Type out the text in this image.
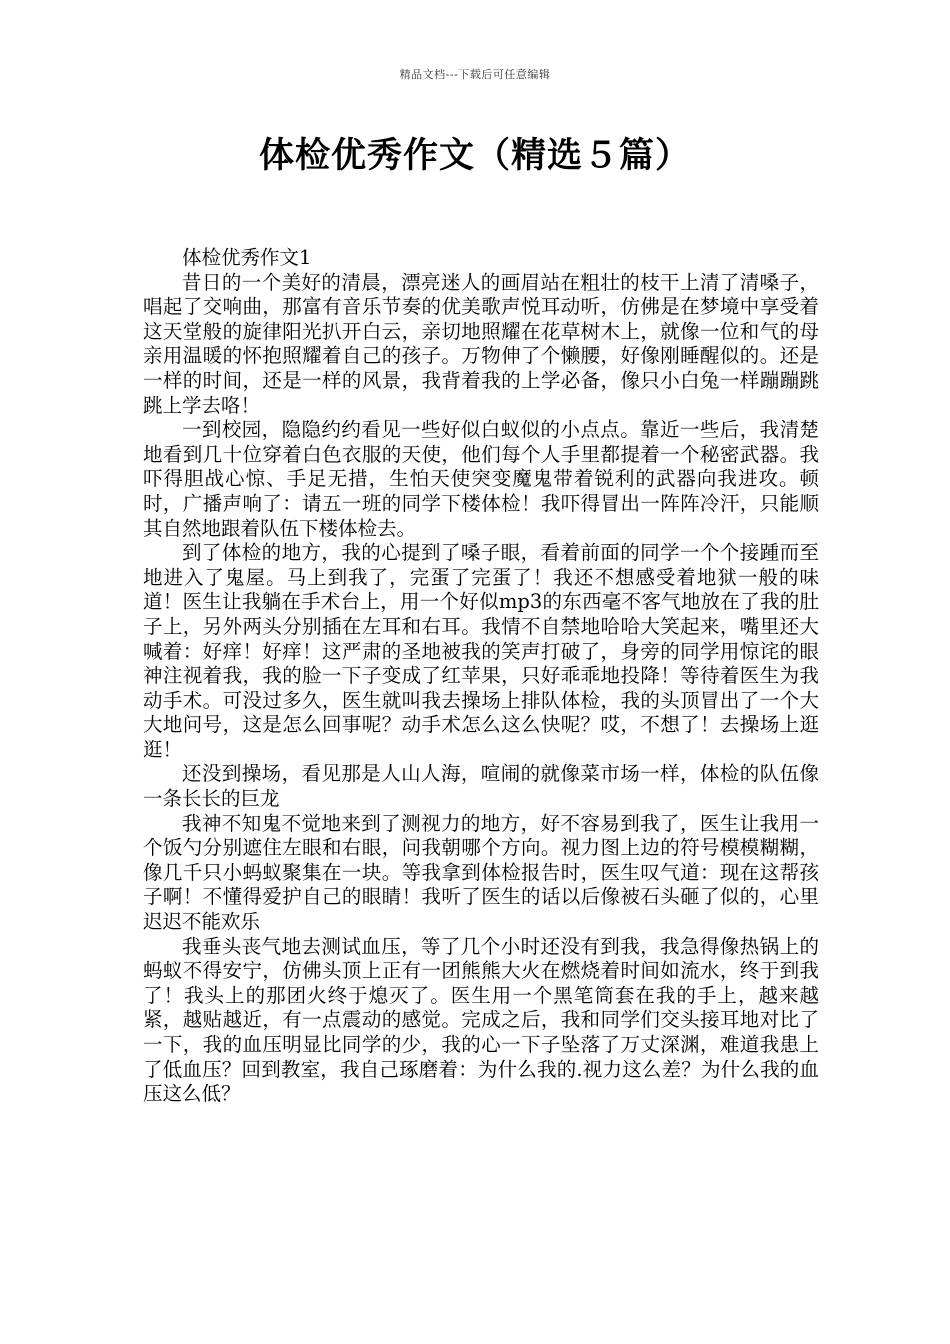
精品文档---下载后可任意编辑
体检优秀作文（精选５篇）

体检优秀作文1

昔日的一个美好的清晨，漂亮迷人的画眉站在粗壮的枝干上清了清嗓子，唱起了交响曲，那富有音乐节奏的优美歌声悦耳动听，仿佛是在梦境中享受着这天堂般的旋律阳光扒开白云，亲切地照耀在花草树木上，就像一位和气的母亲用温暖的怀抱照耀着自己的孩子。万物伸了个懒腰，好像刚睡醒似的。还是一样的时间，还是一样的风景，我背着我的上学必备，像只小白兔一样蹦蹦跳跳上学去咯！

一到校园，隐隐约约看见一些好似白蚁似的小点点。靠近一些后，我清楚地看到几十位穿着白色衣服的天使，他们每个人手里都提着一个秘密武器。我吓得胆战心惊、手足无措，生怕天使突变魔鬼带着锐利的武器向我进攻。顿时，广播声响了：请五一班的同学下楼体检！我吓得冒出一阵阵冷汗，只能顺其自然地跟着队伍下楼体检去。

到了体检的地方，我的心提到了嗓子眼，看着前面的同学一个个接踵而至地进入了鬼屋。马上到我了，完蛋了完蛋了！我还不想感受着地狱一般的味道！医生让我躺在手术台上，用一个好似mp3的东西毫不客气地放在了我的肚子上，另外两头分别插在左耳和右耳。我情不自禁地哈哈大笑起来，嘴里还大喊着：好痒！好痒！这严肃的圣地被我的笑声打破了，身旁的同学用惊诧的眼神注视着我，我的脸一下子变成了红苹果，只好乖乖地投降！等待着医生为我动手术。可没过多久，医生就叫我去操场上排队体检，我的头顶冒出了一个大大地问号，这是怎么回事呢？动手术怎么这么快呢？哎，不想了！去操场上逛逛！

还没到操场，看见那是人山人海，喧闹的就像菜市场一样，体检的队伍像一条长长的巨龙

我神不知鬼不觉地来到了测视力的地方，好不容易到我了，医生让我用一个饭勺分别遮住左眼和右眼，问我朝哪个方向。视力图上边的符号模模糊糊，像几千只小蚂蚁聚集在一块。等我拿到体检报告时，医生叹气道：现在这帮孩子啊！不懂得爱护自己的眼睛！我听了医生的话以后像被石头砸了似的，心里迟迟不能欢乐

我垂头丧气地去测试血压，等了几个小时还没有到我，我急得像热锅上的蚂蚁不得安宁，仿佛头顶上正有一团熊熊大火在燃烧着时间如流水，终于到我了！我头上的那团火终于熄灭了。医生用一个黑笔筒套在我的手上，越来越紧，越贴越近，有一点震动的感觉。完成之后，我和同学们交头接耳地对比了一下，我的血压明显比同学的少，我的心一下子坠落了万丈深渊，难道我患上了低血压？回到教室，我自己琢磨着：为什么我的.视力这么差？为什么我的血压这么低？
